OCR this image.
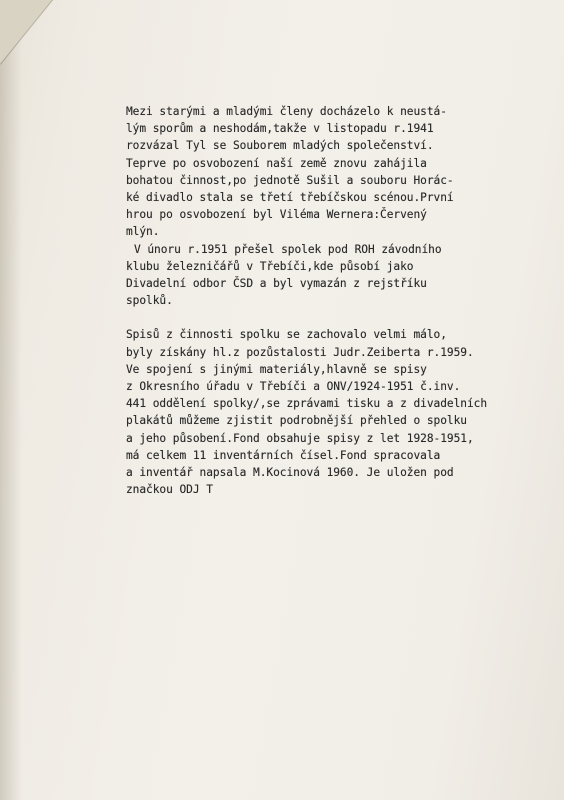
Mezi starými a mladými členy docházelo k neustá-
lým sporům a neshodám,takže v listopadu r.1941
rozvázal Tyl se Souborem mladých společenství.
Teprve po osvobození naší země znovu zahájila
bohatou činnost,po jednotě Sušil a souboru Horác-
ké divadlo stala se třetí třebíčskou scénou.První
hrou po osvobození byl Viléma Wernera:Červený
mlýn.
V únoru r.1951 přešel spolek pod ROH závodního
klubu železničářů v Třebíči,kde působí jako
Divadelní odbor ČSD a byl vymazán z rejstříku
spolků.
Spisů z činnosti spolku se zachovalo velmi málo,
byly získány hl.z pozůstalosti Judr.Zeiberta r.1959.
Ve spojení s jinými materiály,hlavně se spisy
z Okresního úřadu v Třebíči a ONV/1924-1951 č.inv.
441 oddělení spolky/,se zprávami tisku a z divadelních
plakátů můžeme zjistit podrobnější přehled o spolku
a jeho působení.Fond obsahuje spisy z let 1928-1951,
má celkem 11 inventárních čísel.Fond spracovala
a inventář napsala M.Kocinová 1960. Je uložen pod
značkou ODJ T
